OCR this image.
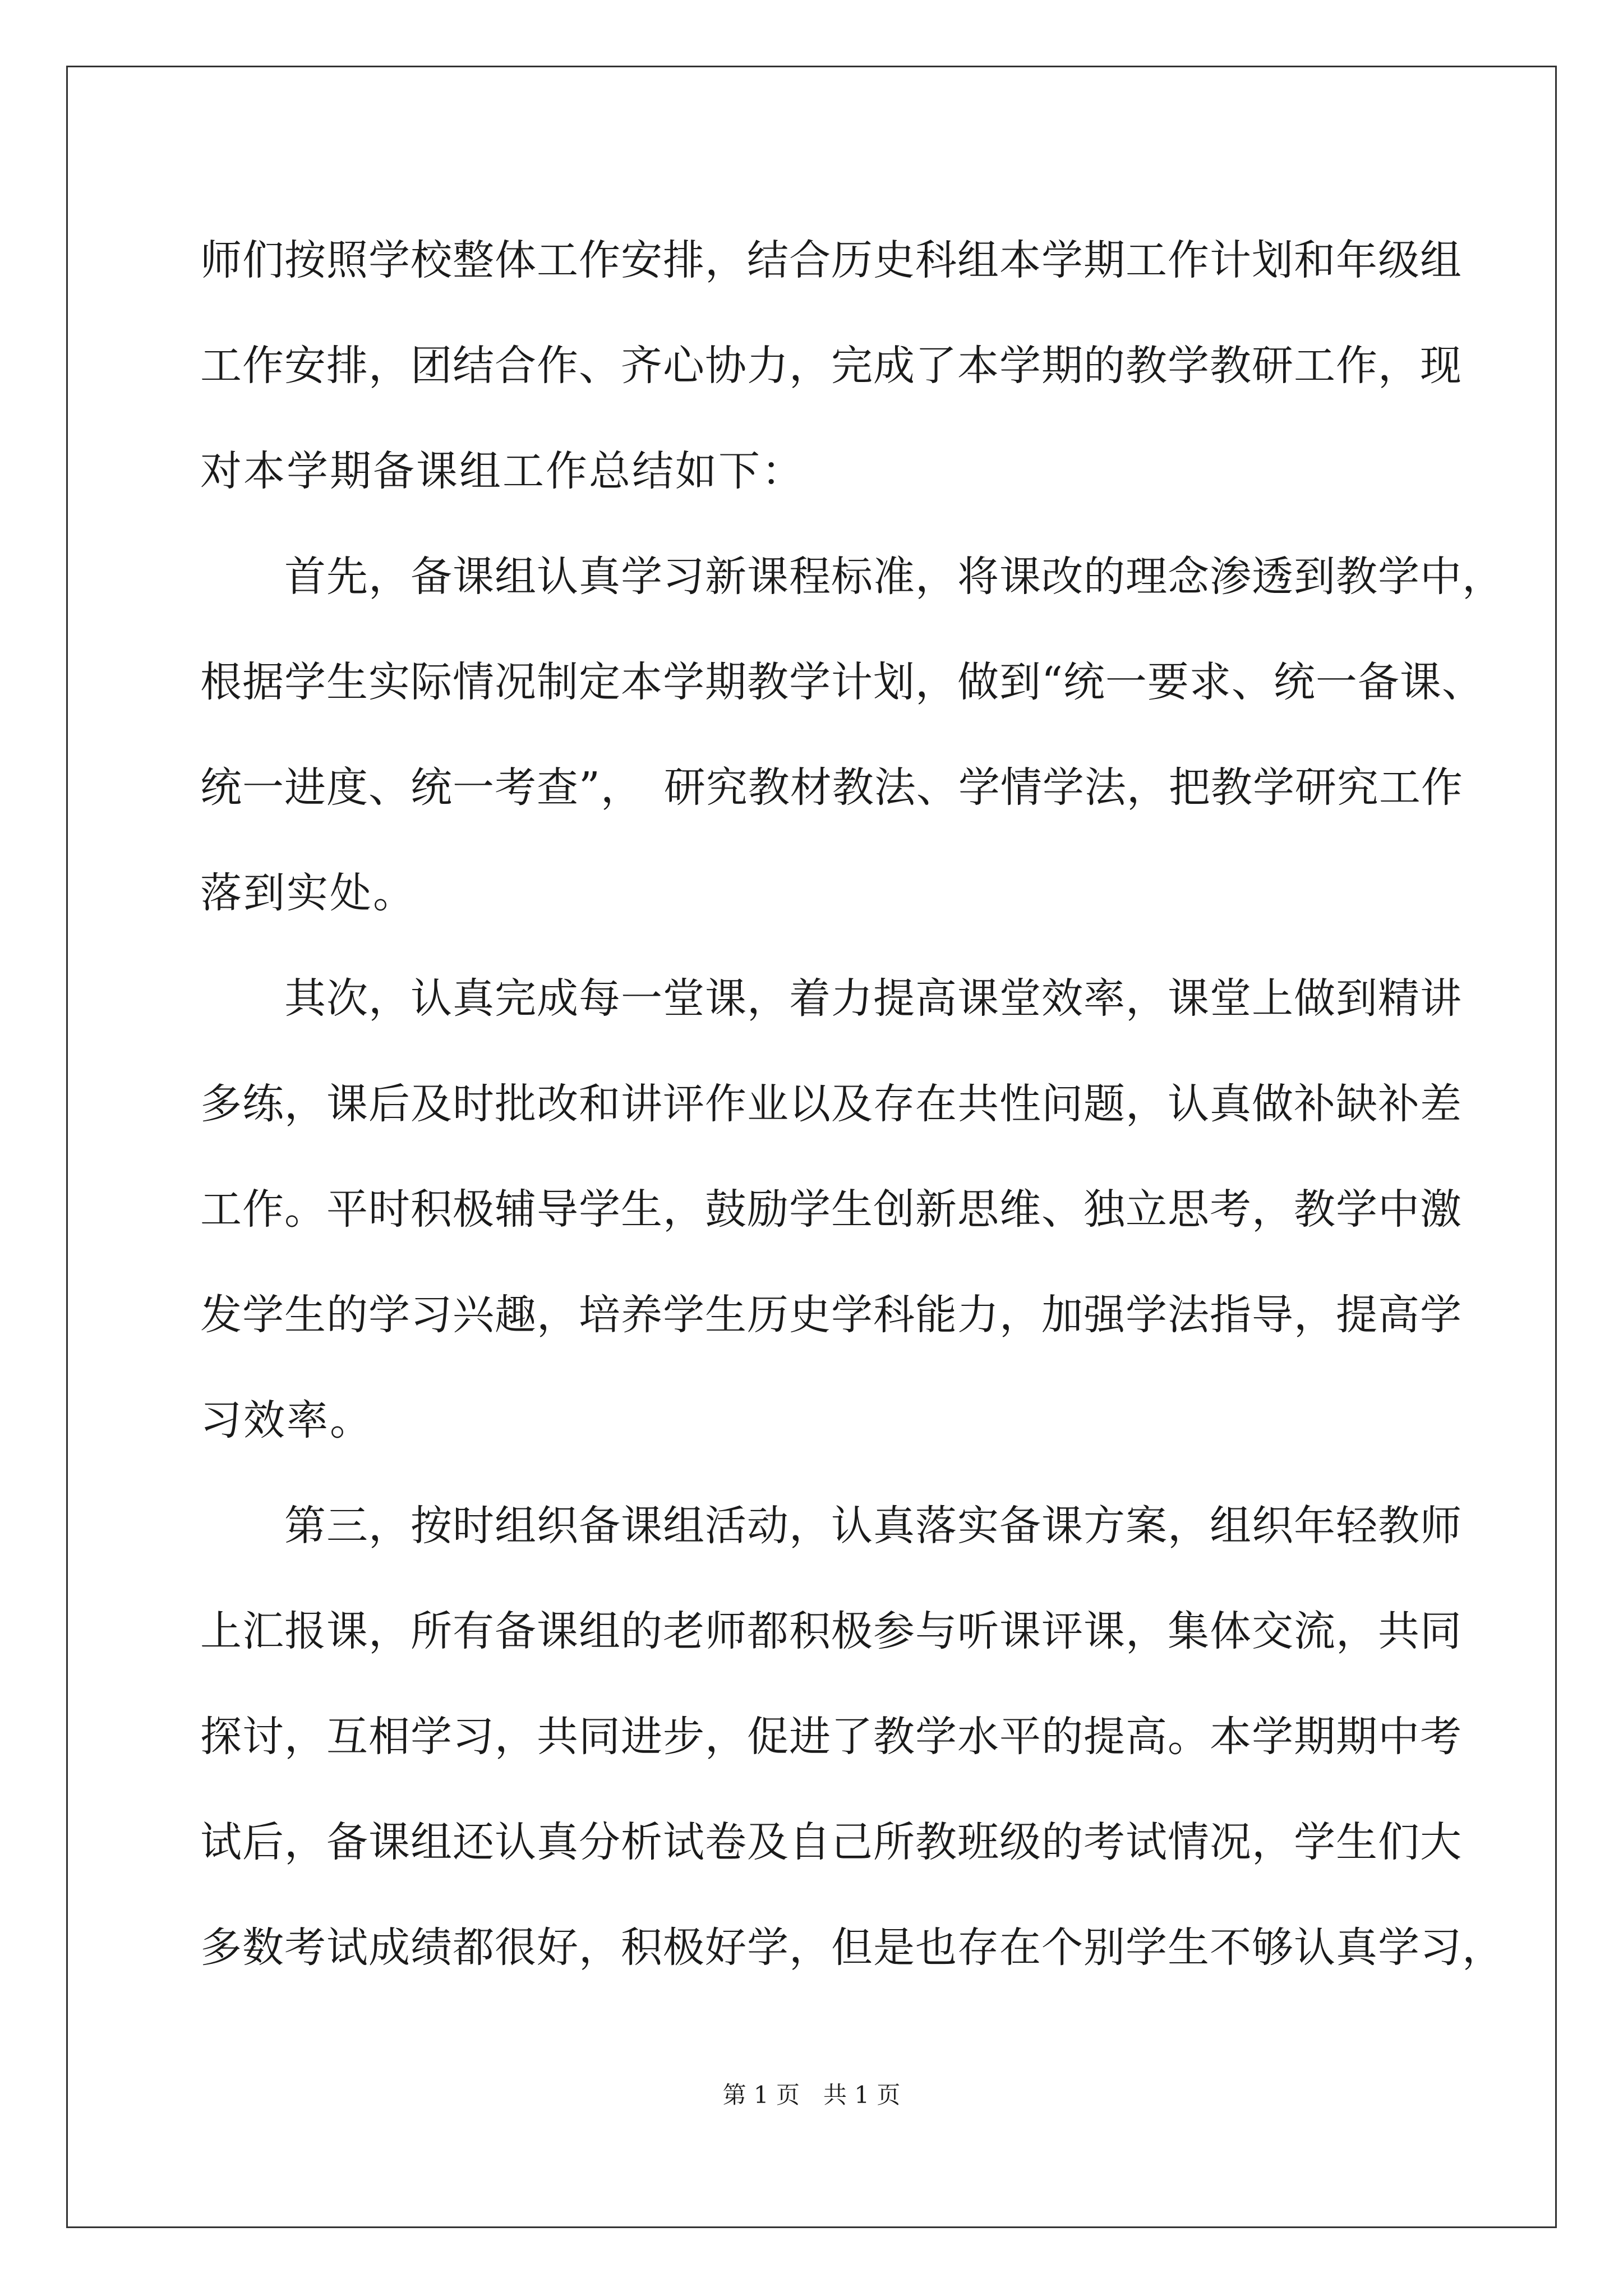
师们按照学校整体工作安排，结合历史科组本学期工作计划和年级组
工作安排，团结合作、齐心协力，完成了本学期的教学教研工作，现
对本学期备课组工作总结如下：
　　首先，备课组认真学习新课程标准，将课改的理念渗透到教学中，
根据学生实际情况制定本学期教学计划，做到“统一要求、统一备课、
统一进度、统一考查”，　研究教材教法、学情学法，把教学研究工作
落到实处。
　　其次，认真完成每一堂课，着力提高课堂效率，课堂上做到精讲
多练，课后及时批改和讲评作业以及存在共性问题，认真做补缺补差
工作。平时积极辅导学生，鼓励学生创新思维、独立思考，教学中激
发学生的学习兴趣，培养学生历史学科能力，加强学法指导，提高学
习效率。
　　第三，按时组织备课组活动，认真落实备课方案，组织年轻教师
上汇报课，所有备课组的老师都积极参与听课评课，集体交流，共同
探讨，互相学习，共同进步，促进了教学水平的提高。本学期期中考
试后，备课组还认真分析试卷及自己所教班级的考试情况，学生们大
多数考试成绩都很好，积极好学，但是也存在个别学生不够认真学习，
第 1 页　共 1 页
